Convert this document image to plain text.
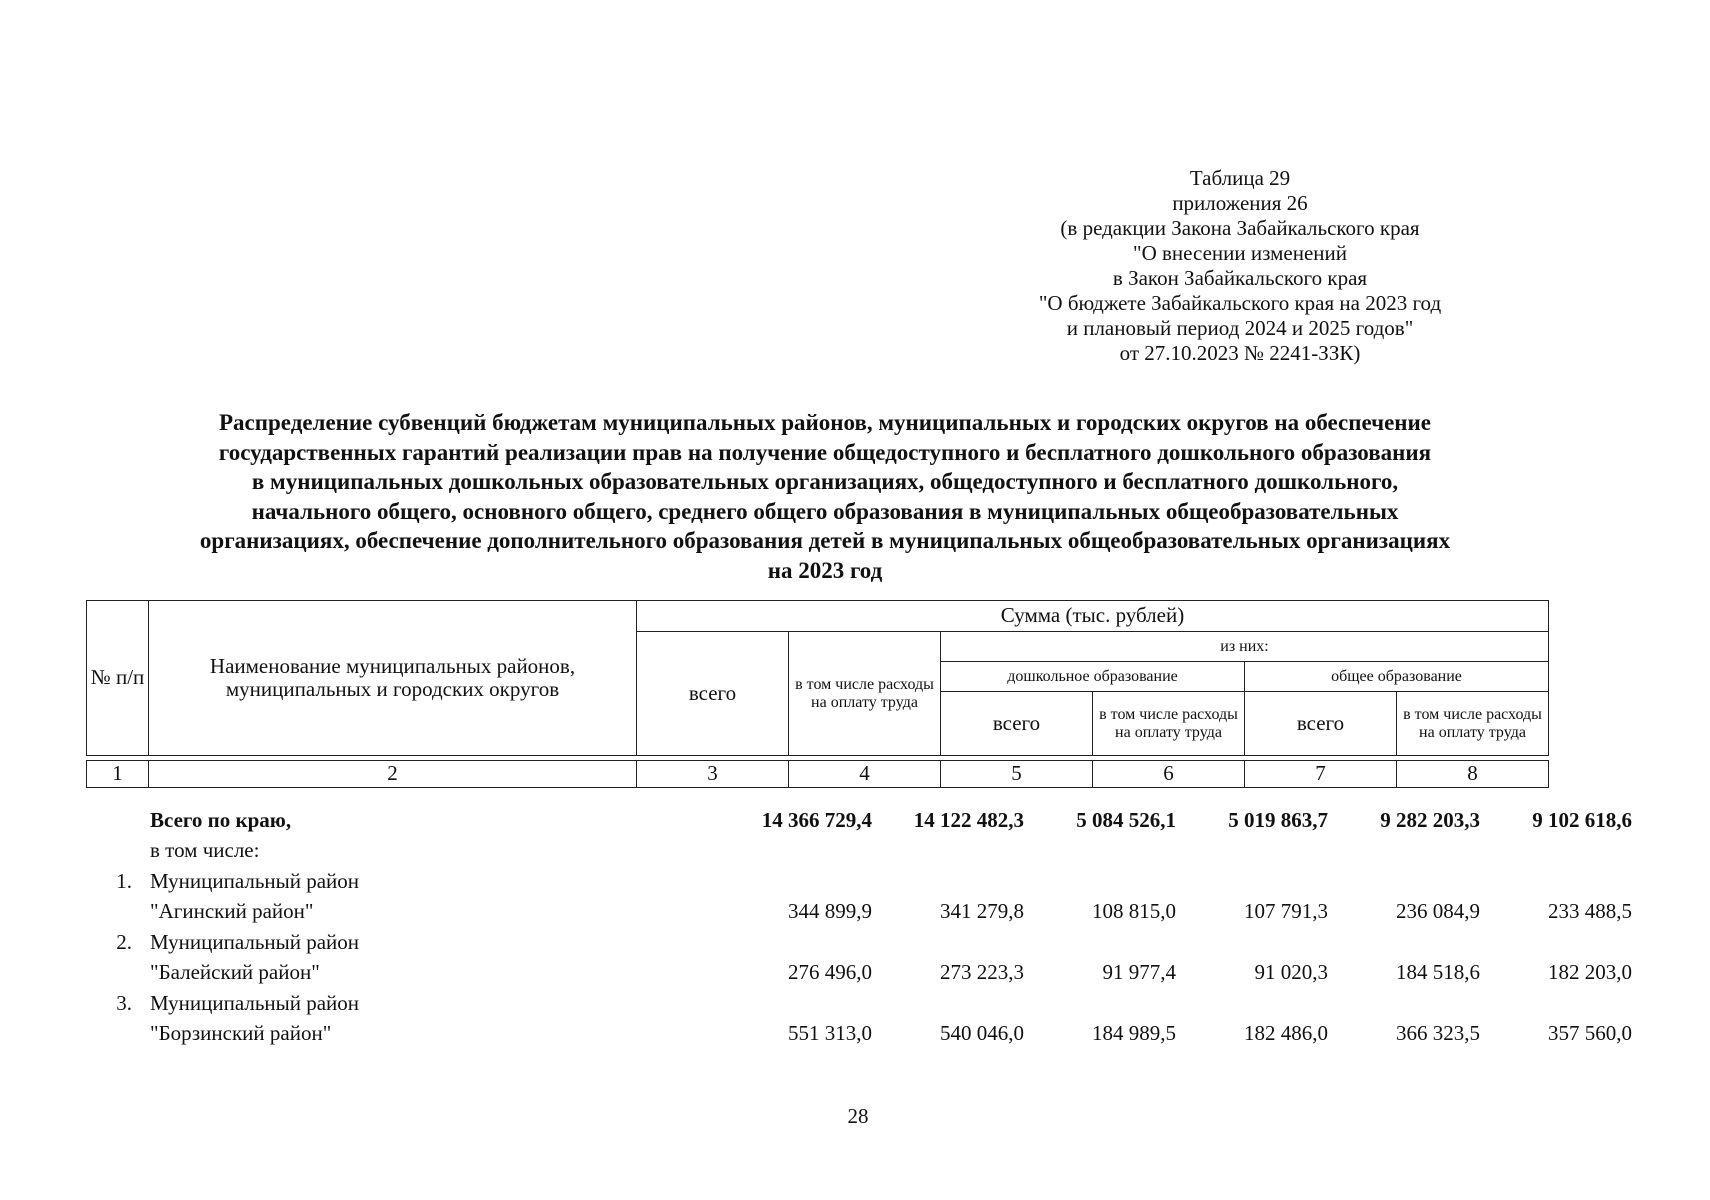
Таблица 29
приложения 26
(в редакции Закона Забайкальского края
"О внесении изменений
в Закон Забайкальского края
"О бюджете Забайкальского края на 2023 год
и плановый период 2024 и 2025 годов"
от 27.10.2023 № 2241-ЗЗК)
Распределение субвенций бюджетам муниципальных районов, муниципальных и городских округов на обеспечение
государственных гарантий реализации прав на получение общедоступного и бесплатного дошкольного образования
в муниципальных дошкольных образовательных организациях, общедоступного и бесплатного дошкольного,
начального общего, основного общего, среднего общего образования в муниципальных общеобразовательных
организациях, обеспечение дополнительного образования детей в муниципальных общеобразовательных организациях
на 2023 год
№ п/п	Наименование муниципальных районов, муниципальных и городских округов	Сумма (тыс. рублей)					
		всего	в том числе расходы на оплату труда	из них:			
				дошкольное образование		общее образование	
				всего	в том числе расходы на оплату труда	всего	в том числе расходы на оплату труда

1	2	3	4	5	6	7	8
Всего по краю,	14 366 729,4	14 122 482,3	5 084 526,1	5 019 863,7	9 282 203,3	9 102 618,6
в том числе:
1. Муниципальный район
"Агинский район"	344 899,9	341 279,8	108 815,0	107 791,3	236 084,9	233 488,5
2. Муниципальный район
"Балейский район"	276 496,0	273 223,3	91 977,4	91 020,3	184 518,6	182 203,0
3. Муниципальный район
"Борзинский район"	551 313,0	540 046,0	184 989,5	182 486,0	366 323,5	357 560,0
28
